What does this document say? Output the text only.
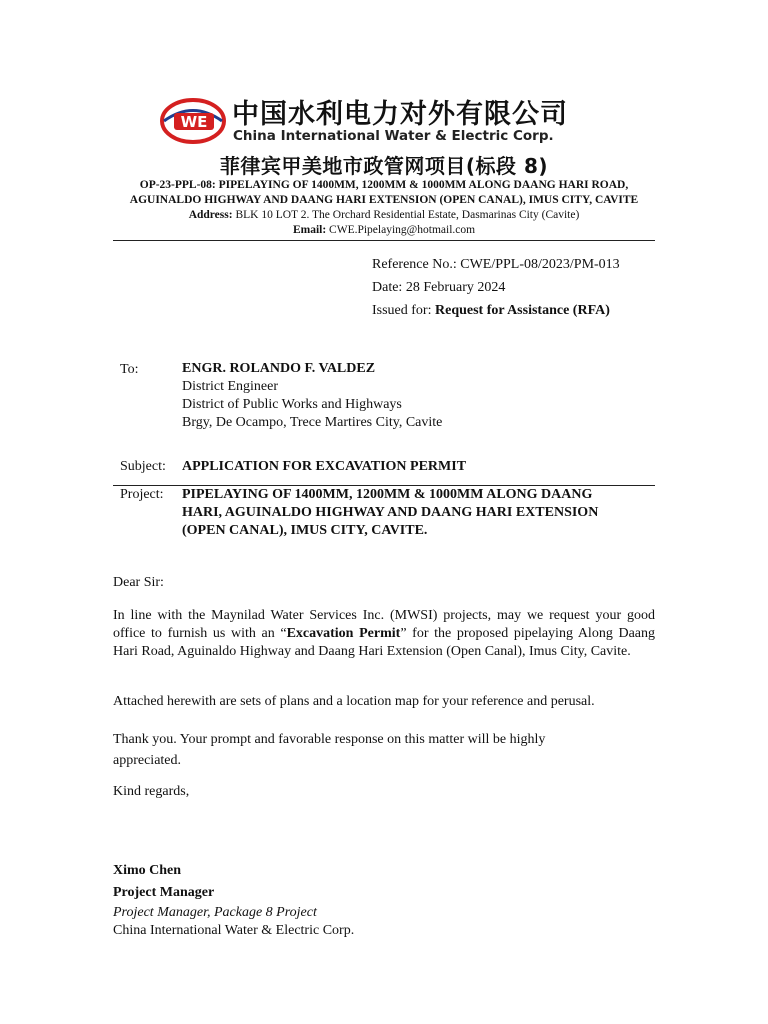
WE 中国水利电力对外有限公司
China International Water & Electric Corp.
菲律宾甲美地市政管网项目(标段 8)
OP-23-PPL-08: PIPELAYING OF 1400MM, 1200MM & 1000MM ALONG DAANG HARI ROAD,
AGUINALDO HIGHWAY AND DAANG HARI EXTENSION (OPEN CANAL), IMUS CITY, CAVITE
Address: BLK 10 LOT 2. The Orchard Residential Estate, Dasmarinas City (Cavite)
Email: CWE.Pipelaying@hotmail.com
Reference No.: CWE/PPL-08/2023/PM-013
Date: 28 February 2024
Issued for: Request for Assistance (RFA)
To:	ENGR. ROLANDO F. VALDEZ
District Engineer
District of Public Works and Highways
Brgy, De Ocampo, Trece Martires City, Cavite
Subject: APPLICATION FOR EXCAVATION PERMIT
Project: PIPELAYING OF 1400MM, 1200MM & 1000MM ALONG DAANG
HARI, AGUINALDO HIGHWAY AND DAANG HARI EXTENSION
(OPEN CANAL), IMUS CITY, CAVITE.
Dear Sir:
In line with the Maynilad Water Services Inc. (MWSI) projects, may we request your good office to furnish us with an “Excavation Permit” for the proposed pipelaying Along Daang Hari Road, Aguinaldo Highway and Daang Hari Extension (Open Canal), Imus City, Cavite.
Attached herewith are sets of plans and a location map for your reference and perusal.
Thank you. Your prompt and favorable response on this matter will be highly
appreciated.
Kind regards,
Ximo Chen
Project Manager
Project Manager, Package 8 Project
China International Water & Electric Corp.
